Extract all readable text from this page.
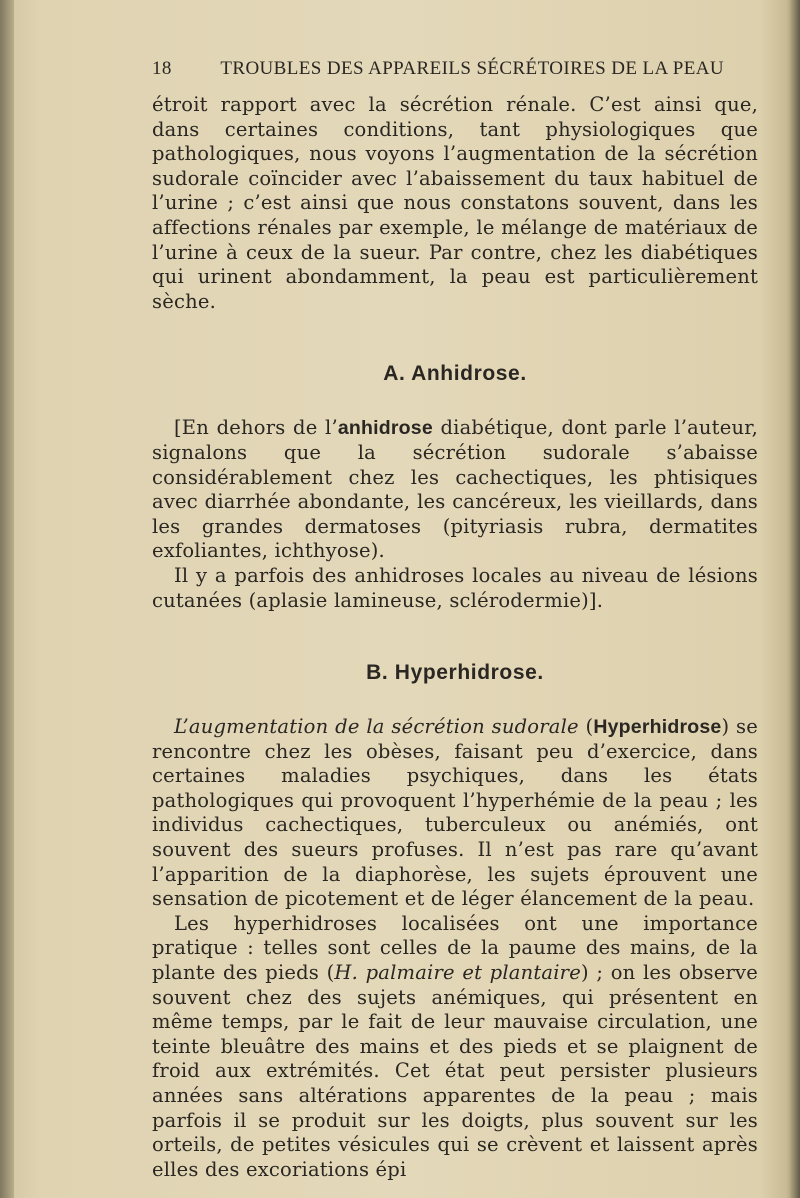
18	TROUBLES DES APPAREILS SÉCRÉTOIRES DE LA PEAU

étroit rapport avec la sécrétion rénale. C’est ainsi que, dans certaines conditions, tant physiologiques que pathologiques, nous voyons l’augmentation de la sécrétion sudorale coïncider avec l’abaissement du taux habituel de l’urine ; c’est ainsi que nous constatons souvent, dans les affections rénales par exemple, le mélange de matériaux de l’urine à ceux de la sueur. Par contre, chez les diabétiques qui urinent abondamment, la peau est particulièrement sèche.

A. Anhidrose.

[En dehors de l’anhidrose diabétique, dont parle l’auteur, signalons que la sécrétion sudorale s’abaisse considérablement chez les cachectiques, les phtisiques avec diarrhée abondante, les cancéreux, les vieillards, dans les grandes dermatoses (pityriasis rubra, dermatites exfoliantes, ichthyose).

Il y a parfois des anhidroses locales au niveau de lésions cutanées (aplasie lamineuse, sclérodermie)].

B. Hyperhidrose.

L’augmentation de la sécrétion sudorale (Hyperhidrose) se rencontre chez les obèses, faisant peu d’exercice, dans certaines maladies psychiques, dans les états pathologiques qui provoquent l’hyperhémie de la peau ; les individus cachectiques, tuberculeux ou anémiés, ont souvent des sueurs profuses. Il n’est pas rare qu’avant l’apparition de la diaphorèse, les sujets éprouvent une sensation de picotement et de léger élancement de la peau.

Les hyperhidroses localisées ont une importance pratique : telles sont celles de la paume des mains, de la plante des pieds (H. palmaire et plantaire) ; on les observe souvent chez des sujets anémiques, qui présentent en même temps, par le fait de leur mauvaise circulation, une teinte bleuâtre des mains et des pieds et se plaignent de froid aux extrémités. Cet état peut persister plusieurs années sans altérations apparentes de la peau ; mais parfois il se produit sur les doigts, plus souvent sur les orteils, de petites vésicules qui se crèvent et laissent après elles des excoriations épi
